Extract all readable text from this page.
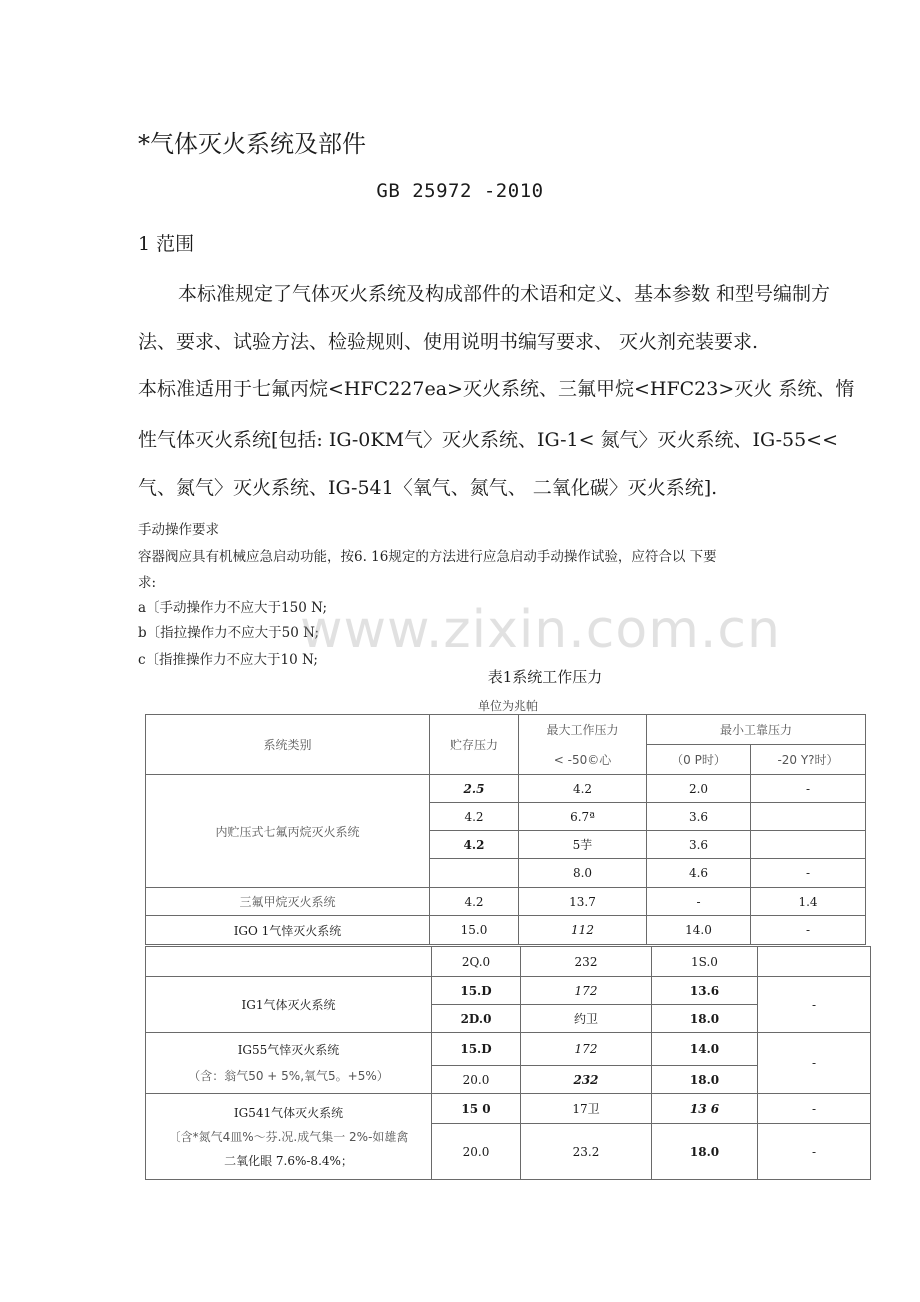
*气体灭火系统及部件
GB 25972 -2010
1 范围
本标准规定了气体灭火系统及构成部件的术语和定义、基本参数 和型号编制方
法、要求、试验方法、检验规则、使用说明书编写要求、 灭火剂充装要求.
本标准适用于七氟丙烷<HFC227ea>灭火系统、三氟甲烷<HFC23>灭火 系统、惰
性气体灭火系统[包括: IG-0KM气〉灭火系统、IG-1< 氮气〉灭火系统、IG-55<<
气、氮气〉灭火系统、IG-541〈氧气、氮气、 二氧化碳〉灭火系统].
手动操作要求
容器阀应具有机械应急启动功能，按6. 16规定的方法进行应急启动手动操作试验，应符合以 下要
求:
a〔手动操作力不应大于150 N;
b〔指拉操作力不应大于50 N;
c〔指推操作力不应大于10 N;
www.zixin.com.cn
表1系统工作压力
单位为兆帕
系统类别	贮存压力	最大工作压力	最小工靠压力	
		< -50©心	（0 P时）	-20 Y?时）
内贮压式七氟丙烷灭火系统	2.5	4.2	2.0	-
	4.2	6.7ª	3.6	
	4.2	5芋	3.6	
		8.0	4.6	-
三氟甲烷灭火系统	4.2	13.7	-	1.4
IGO 1气悻灭火系统	15.0	112	14.0	-
	2Q.0	232	1S.0	
IG1气体灭火系统	15.D	172	13.6	-
	2D.0	约卫	18.0	

IG55气悻灭火系统
（含：翁气50 + 5%,氧气5。+5%）	15.D	172	14.0	-
	20.0	232	18.0	

IG541气体灭火系统
〔含*氮气4皿%～芬.况.成气集一 2%-如雄禽
二氧化眼 7.6%-8.4%；	15 0	17卫	13 6	-
	20.0	23.2	18.0	-
